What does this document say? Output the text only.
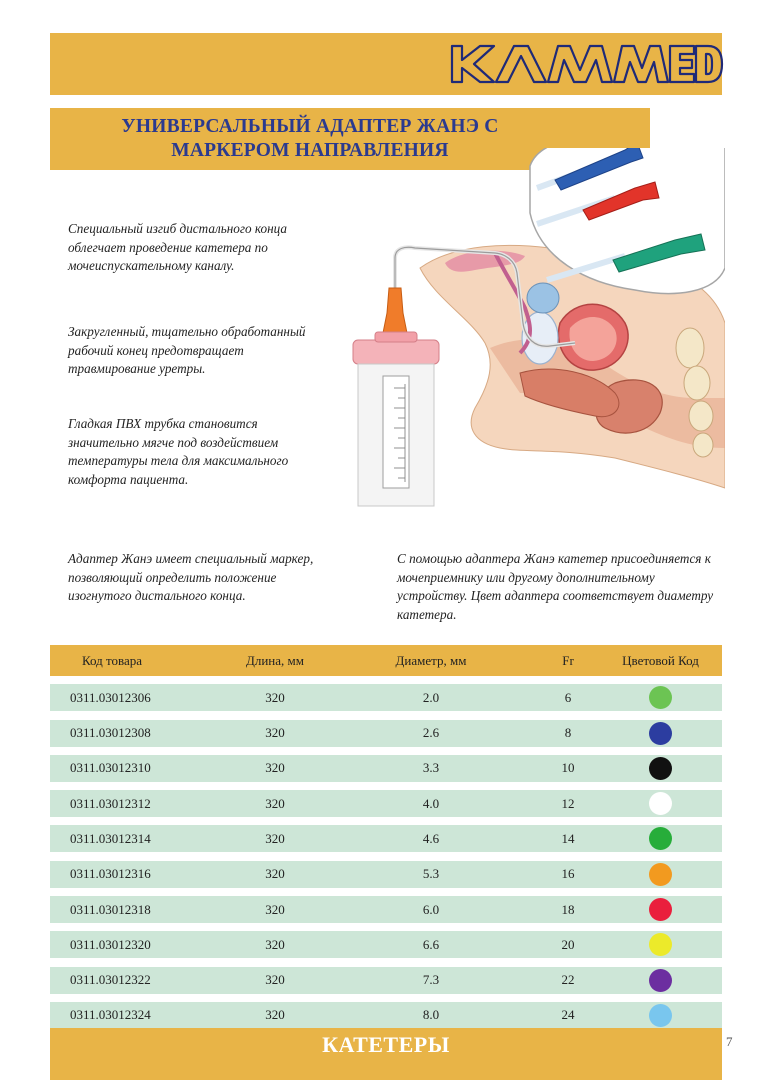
УНИВЕРСАЛЬНЫЙ АДАПТЕР ЖАНЭ С
МАРКЕРОМ НАПРАВЛЕНИЯ
Специальный изгиб дистального конца облегчает проведение катетера по мочеиспускательному каналу.
Закругленный, тщательно обработанный рабочий конец предотвращает травмирование уретры.
Гладкая ПВХ трубка становится значительно мягче под воздействием температуры тела для максимального комфорта пациента.
Адаптер Жанэ имеет специальный маркер, позволяющий определить положение изогнутого дистального конца.
С помощью адаптера Жанэ катетер присоединяется к мочеприемнику или другому дополнительному устройству. Цвет адаптера соответствует диаметру катетера.
Код товара	Длина, мм	Диаметр, мм	Fr	Цветовой Код
0311.03012306	320	2.0	6
0311.03012308	320	2.6	8
0311.03012310	320	3.3	10
0311.03012312	320	4.0	12
0311.03012314	320	4.6	14
0311.03012316	320	5.3	16
0311.03012318	320	6.0	18
0311.03012320	320	6.6	20
0311.03012322	320	7.3	22
0311.03012324	320	8.0	24
КАТЕТЕРЫ	7
